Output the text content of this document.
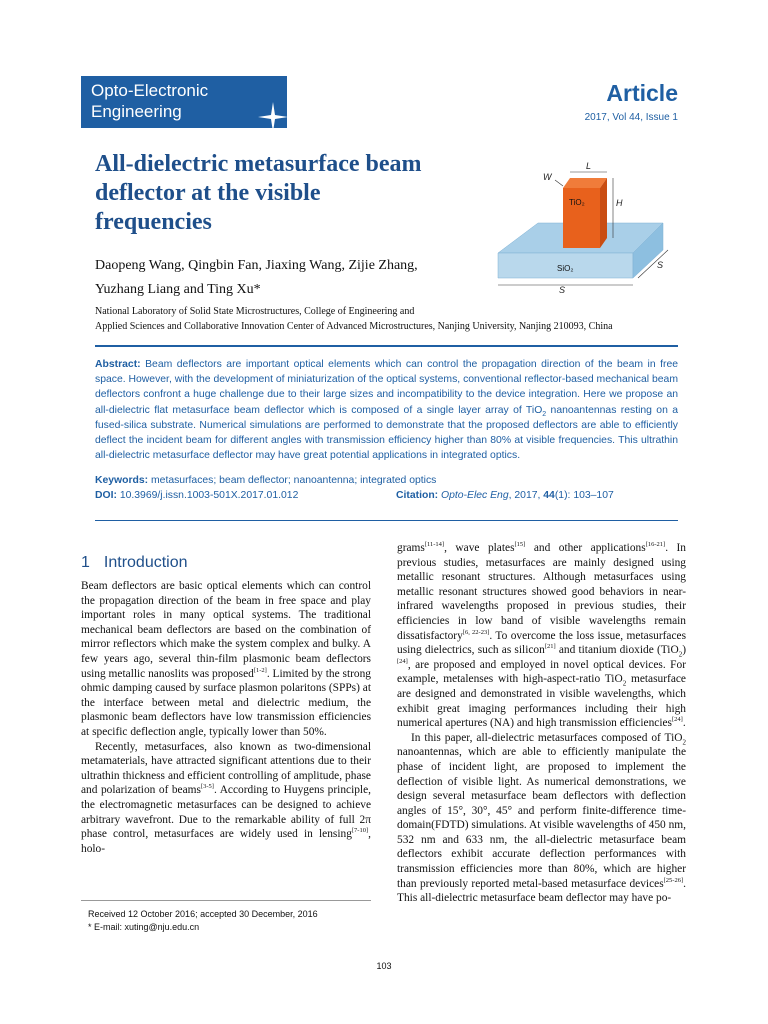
Opto-Electronic
Engineering
Article
2017, Vol 44, Issue 1
All-dielectric metasurface beam
deflector at the visible
frequencies
Daopeng Wang, Qingbin Fan, Jiaxing Wang, Zijie Zhang,
Yuzhang Liang and Ting Xu*
National Laboratory of Solid State Microstructures, College of Engineering and
Applied Sciences and Collaborative Innovation Center of Advanced Microstructures, Nanjing University, Nanjing 210093, China
W
L
H
TiO₂
SiO₂	S
S
Abstract: Beam deflectors are important optical elements which can control the propagation direction of the beam in free space. However, with the development of miniaturization of the optical systems, conventional reflector-based mechanical beam deflectors confront a huge challenge due to their large sizes and incompatibility to the device integration. Here we propose an all-dielectric flat metasurface beam deflector which is composed of a single layer array of TiO$_2$ nanoantennas resting on a fused-silica substrate. Numerical simulations are performed to demonstrate that the proposed deflectors are able to efficiently deflect the incident beam for different angles with transmission efficiency higher than 80% at visible frequencies. This ultrathin all-dielectric metasurface deflector may have great potential applications in integrated optics.
Keywords: metasurfaces; beam deflector; nanoantenna; integrated optics
DOI: 10.3969/j.issn.1003-501X.2017.01.012	Citation: Opto-Elec Eng, 2017, 44(1): 103–107
1 Introduction

Beam deflectors are basic optical elements which can control the propagation direction of the beam in free space and play important roles in many optical systems. The traditional mechanical beam deflectors are based on the combination of mirror reflectors which make the system complex and bulky. A few years ago, several thin-film plasmonic beam deflectors using metallic nanoslits was proposed[1-2]. Limited by the strong ohmic damping caused by surface plasmon polaritons (SPPs) at the interface between metal and dielectric medium, the plasmonic beam deflectors have low transmission efficiencies at specific deflection angle, typically lower than 50%.

Recently, metasurfaces, also known as two-dimensional metamaterials, have attracted significant attentions due to their ultrathin thickness and efficient controlling of amplitude, phase and polarization of beams[3-5]. According to Huygens principle, the electromagnetic metasurfaces can be designed to achieve arbitrary wavefront. Due to the remarkable ability of full 2π phase control, metasurfaces are widely used in lensing[7-10], holo-

grams[11-14], wave plates[15] and other applications[16-21]. In previous studies, metasurfaces are mainly designed using metallic resonant structures. Although metasurfaces using metallic resonant structures showed good behaviors in near-infrared wavelengths proposed in previous studies, their efficiencies in low band of visible wavelengths remain dissatisfactory[6, 22-23]. To overcome the loss issue, metasurfaces using dielectrics, such as silicon[21] and titanium dioxide (TiO$_2$)[24], are proposed and employed in novel optical devices. For example, metalenses with high-aspect-ratio TiO$_2$ metasurface are designed and demonstrated in visible wavelengths, which exhibit great imaging performances including their high numerical apertures (NA) and high transmission efficiencies[24].

In this paper, all-dielectric metasurfaces composed of TiO$_2$ nanoantennas, which are able to efficiently manipulate the phase of incident light, are proposed to implement the deflection of visible light. As numerical demonstrations, we design several metasurface beam deflectors with deflection angles of 15°, 30°, 45° and perform finite-difference time-domain(FDTD) simulations. At visible wavelengths of 450 nm, 532 nm and 633 nm, the all-dielectric metasurface beam deflectors exhibit accurate deflection performances with transmission efficiencies more than 80%, which are higher than previously reported metal-based metasurface devices[25-26]. This all-dielectric metasurface beam deflector may have po-

Received 12 October 2016; accepted 30 December, 2016
* E-mail: xuting@nju.edu.cn
103
